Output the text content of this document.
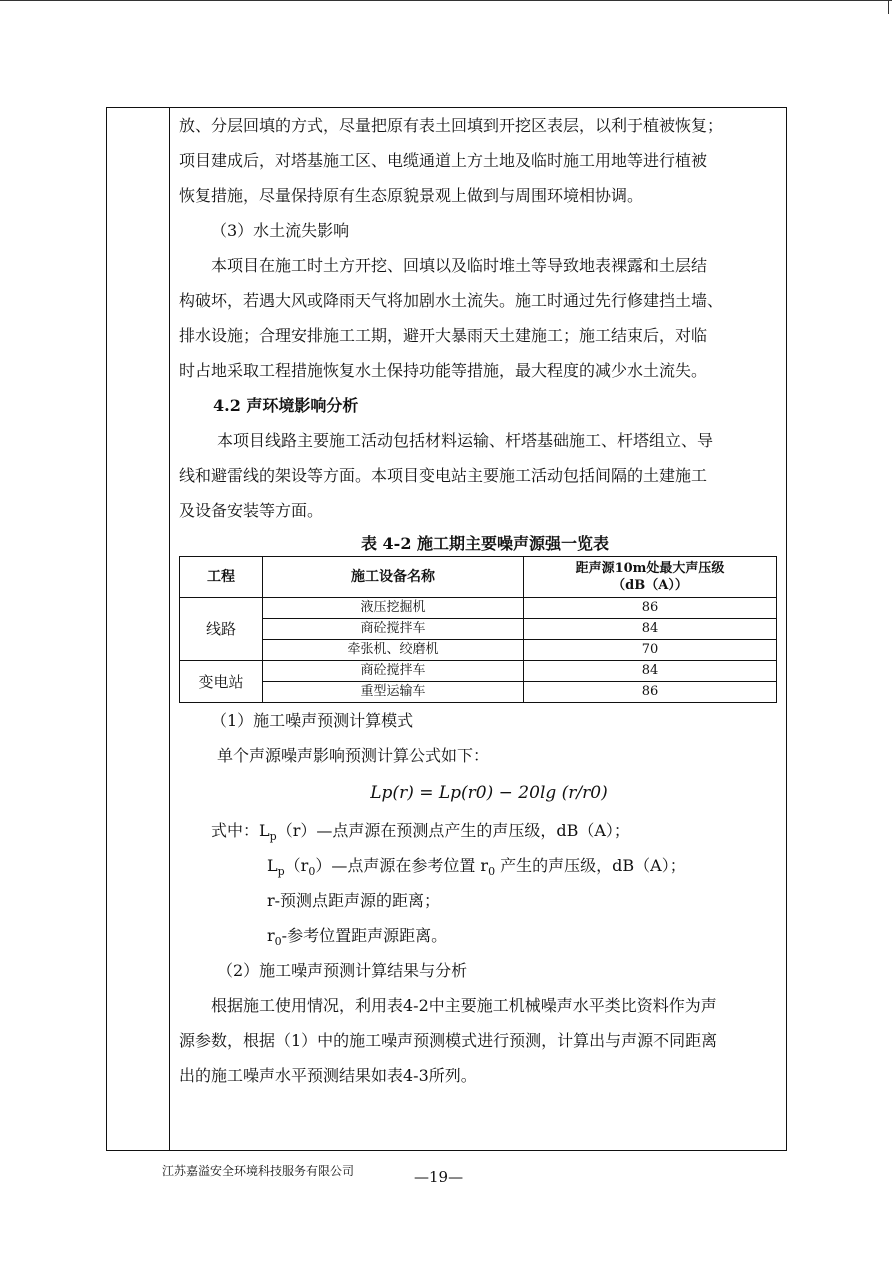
放、分层回填的方式，尽量把原有表土回填到开挖区表层，以利于植被恢复；

项目建成后，对塔基施工区、电缆通道上方土地及临时施工用地等进行植被

恢复措施，尽量保持原有生态原貌景观上做到与周围环境相协调。

（3）水土流失影响

本项目在施工时土方开挖、回填以及临时堆土等导致地表裸露和土层结

构破坏，若遇大风或降雨天气将加剧水土流失。施工时通过先行修建挡土墙、

排水设施；合理安排施工工期，避开大暴雨天土建施工；施工结束后，对临

时占地采取工程措施恢复水土保持功能等措施，最大程度的减少水土流失。

4.2 声环境影响分析

本项目线路主要施工活动包括材料运输、杆塔基础施工、杆塔组立、导

线和避雷线的架设等方面。本项目变电站主要施工活动包括间隔的土建施工

及设备安装等方面。

表 4-2 施工期主要噪声源强一览表
工程	施工设备名称	距声源10m处最大声压级
（dB（A））
线路	液压挖掘机	86
	商砼搅拌车	84
	牵张机、绞磨机	70
变电站	商砼搅拌车	84
	重型运输车	86

（1）施工噪声预测计算模式

单个声源噪声影响预测计算公式如下：

Lp(r) = Lp(r0) − 20lg (r/r0)

式中：$L_p(r)—$点声源在预测点产生的声压级，dB（A）；

$L_p(r_0)—$点声源在参考位置 $r_0$ 产生的声压级，dB（A）；

r-预测点距声源的距离；

$r_0-$参考位置距声源距离。

（2）施工噪声预测计算结果与分析

根据施工使用情况，利用表4-2中主要施工机械噪声水平类比资料作为声

源参数，根据（1）中的施工噪声预测模式进行预测，计算出与声源不同距离

出的施工噪声水平预测结果如表4-3所列。

江苏嘉溢安全环境科技服务有限公司	—19—
